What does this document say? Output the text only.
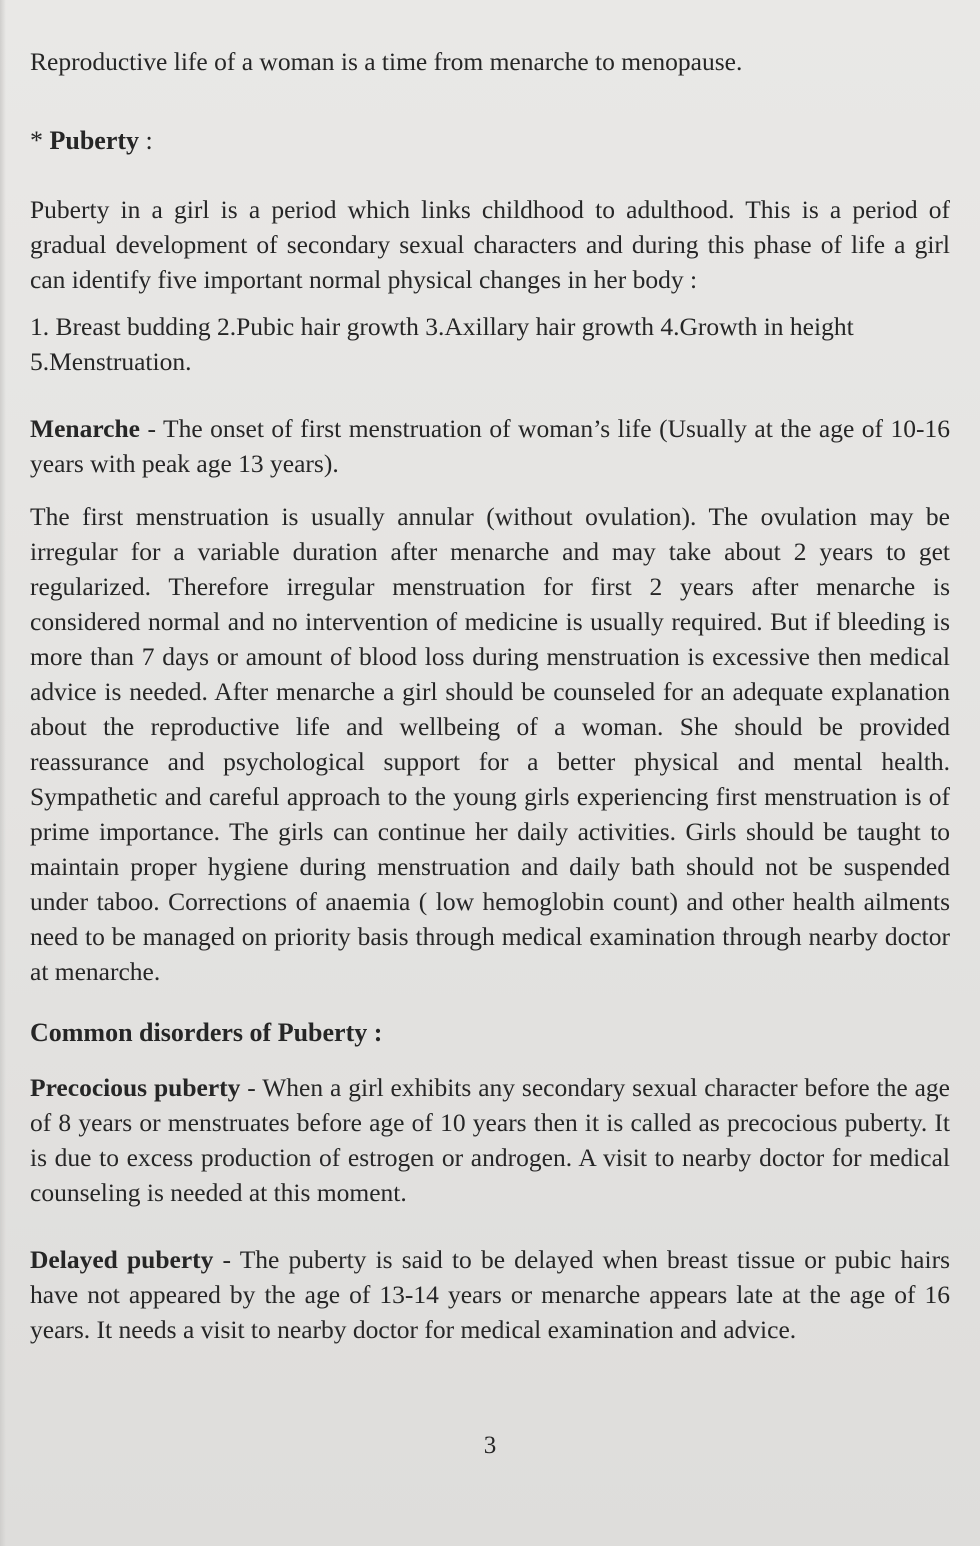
Reproductive life of a woman is a time from menarche to menopause.

* Puberty :

Puberty in a girl is a period which links childhood to adulthood. This is a period of gradual development of secondary sexual characters and during this phase of life a girl can identify five important normal physical changes in her body :

1. Breast budding 2.Pubic hair growth 3.Axillary hair growth 4.Growth in height 5.Menstruation.

Menarche - The onset of first menstruation of woman’s life (Usually at the age of 10-16 years with peak age 13 years).

The first menstruation is usually annular (without ovulation). The ovulation may be irregular for a variable duration after menarche and may take about 2 years to get regularized. Therefore irregular menstruation for first 2 years after menarche is considered normal and no intervention of medicine is usually required. But if bleeding is more than 7 days or amount of blood loss during menstruation is excessive then medical advice is needed. After menarche a girl should be counseled for an adequate explanation about the reproductive life and wellbeing of a woman. She should be provided reassurance and psychological support for a better physical and mental health. Sympathetic and careful approach to the young girls experiencing first menstruation is of prime importance. The girls can continue her daily activities. Girls should be taught to maintain proper hygiene during menstruation and daily bath should not be suspended under taboo. Corrections of anaemia ( low hemoglobin count) and other health ailments need to be managed on priority basis through medical examination through nearby doctor at menarche.

Common disorders of Puberty :

Precocious puberty - When a girl exhibits any secondary sexual character before the age of 8 years or menstruates before age of 10 years then it is called as precocious puberty. It is due to excess production of estrogen or androgen. A visit to nearby doctor for medical counseling is needed at this moment.

Delayed puberty - The puberty is said to be delayed when breast tissue or pubic hairs have not appeared by the age of 13-14 years or menarche appears late at the age of 16 years. It needs a visit to nearby doctor for medical examination and advice.

3
